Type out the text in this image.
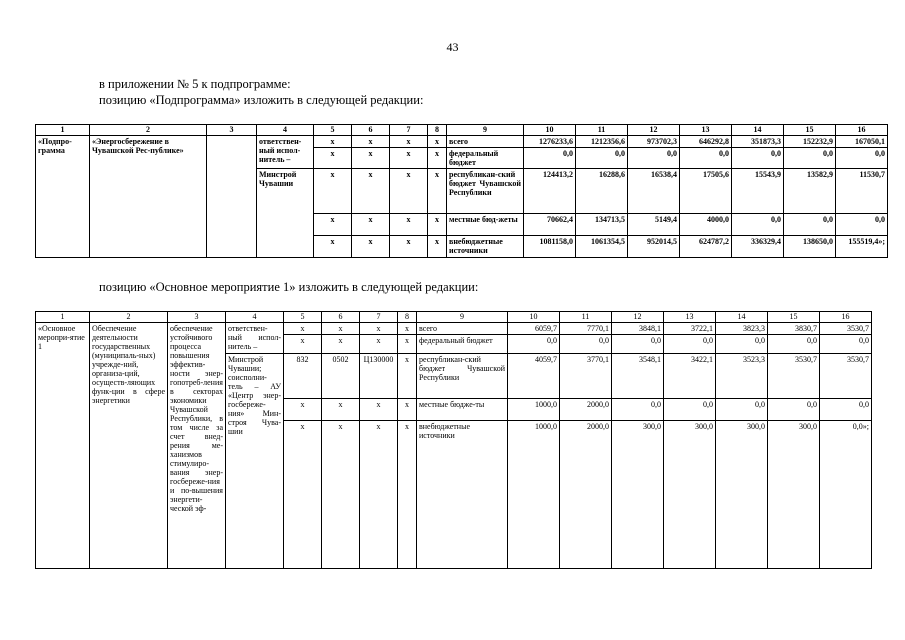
43
в приложении № 5 к подпрограмме:
позицию «Подпрограмма» изложить в следующей редакции:
1	2	3	4	5	6	7	8	9	10	11	12	13	14	15	16
«Подпро-грамма	«Энергосбережение в Чувашской Рес-публике»		ответствен-ный испол-нитель –	x	x	x	x	всего	1276233,6	1212356,6	973702,3	646292,8	351873,3	152232,9	167050,1
				x	x	x	x	федеральный бюджет	0,0	0,0	0,0	0,0	0,0	0,0	0,0
			Минстрой Чувашии	x	x	x	x	республикан-ский бюджет Чувашской Республики	124413,2	16288,6	16538,4	17505,6	15543,9	13582,9	11530,7
				x	x	x	x	местные бюд-жеты	70662,4	134713,5	5149,4	4000,0	0,0	0,0	0,0
				x	x	x	x	внебюджетные источники	1081158,0	1061354,5	952014,5	624787,2	336329,4	138650,0	155519,4»;
позицию «Основное мероприятие 1» изложить в следующей редакции:
1	2	3	4	5	6	7	8	9	10	11	12	13	14	15	16
«Основное меропри-ятие 1	Обеспечение деятельности государственных (муниципаль-ных) учрежде-ний, организа-ций, осуществ-ляющих функ-ции в сфере энергетики	обеспечение устойчивого процесса повышения эффектив-ности энер-гопотреб-ления в секторах экономики Чувашской Республики, в том числе за счет внед-рения ме-ханизмов стимулиро-вания энер-госбереже-ния и по-вышения энергети-ческой эф-	ответствен-ный испол-нитель –	x	x	x	x	всего	6059,7	7770,1	3848,1	3722,1	3823,3	3830,7	3530,7
				x	x	x	x	федеральный бюджет	0,0	0,0	0,0	0,0	0,0	0,0	0,0
			Минстрой Чувашии; соисполни-тель – АУ «Центр энер-госбереже-ния» Мин-строя Чува-шии	832	0502	Ц130000	x	республикан-ский бюджет Чувашской Республики	4059,7	3770,1	3548,1	3422,1	3523,3	3530,7	3530,7
				x	x	x	x	местные бюдже-ты	1000,0	2000,0	0,0	0,0	0,0	0,0	0,0
				x	x	x	x	внебюджетные источники	1000,0	2000,0	300,0	300,0	300,0	300,0	0,0»;
